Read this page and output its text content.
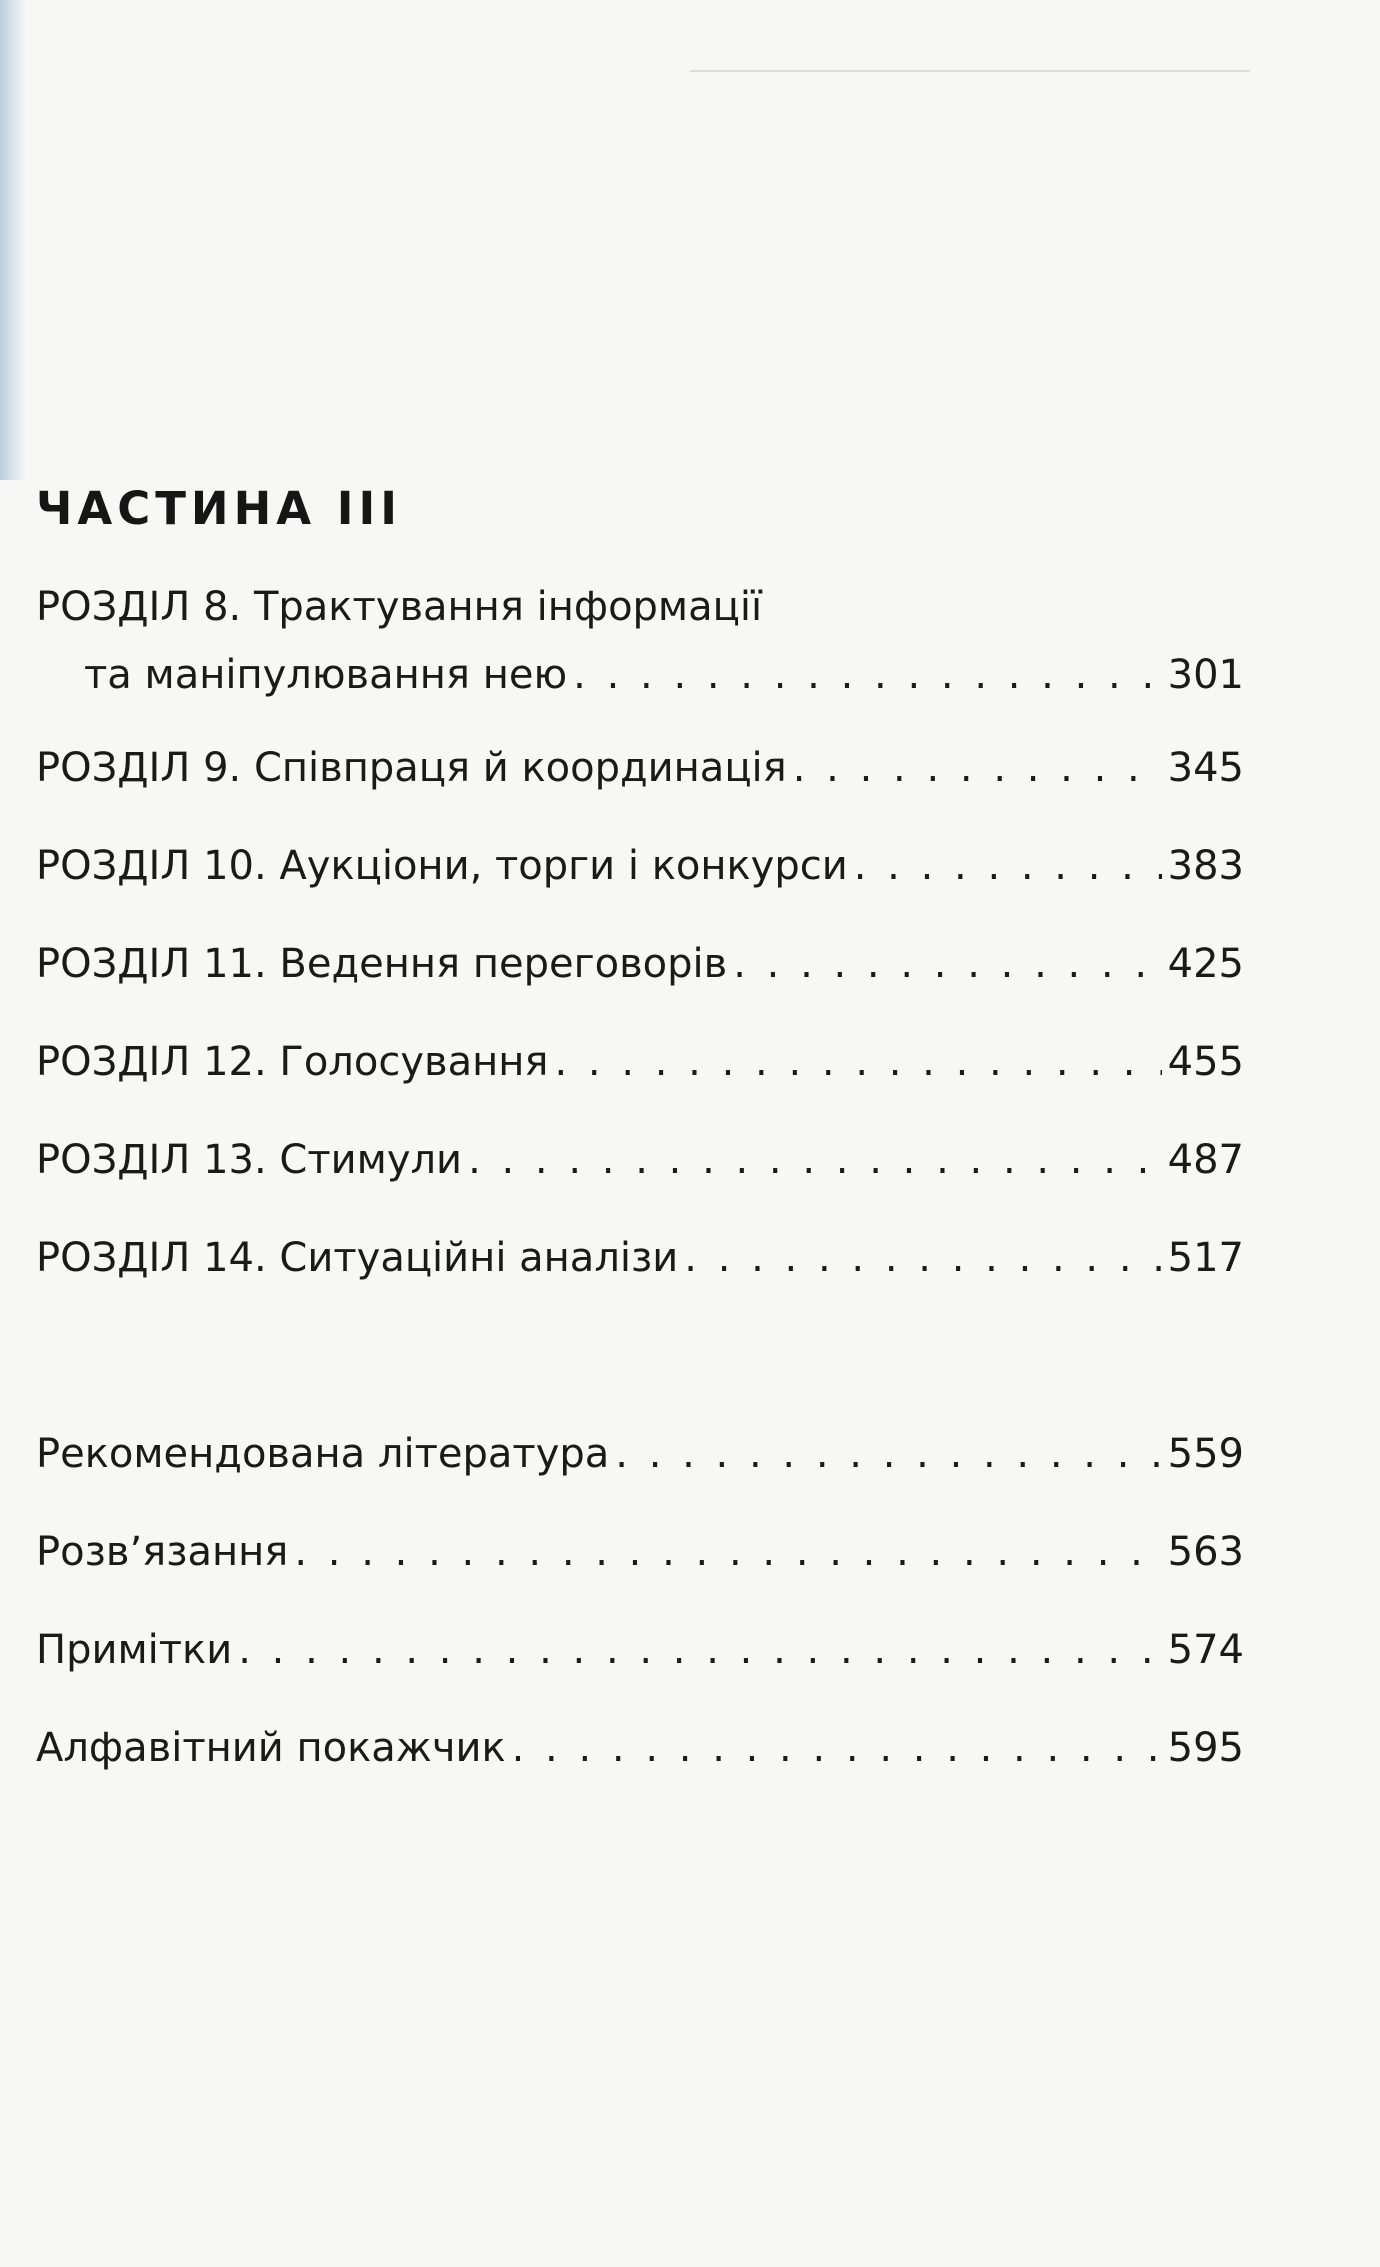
ЧАСТИНА III
РОЗДІЛ 8. Трактування інформації
та маніпулювання нею . . .	301
РОЗДІЛ 9. Співпраця й координація . . .	345
РОЗДІЛ 10. Аукціони, торги і конкурси . . .	383
РОЗДІЛ 11. Ведення переговорів . . .	425
РОЗДІЛ 12. Голосування . . .	455
РОЗДІЛ 13. Стимули . . .	487
РОЗДІЛ 14. Ситуаційні аналізи . . .	517
Рекомендована література . . .	559
Розв’язання . . .	563
Примітки . . .	574
Алфавітний покажчик . . .	595
